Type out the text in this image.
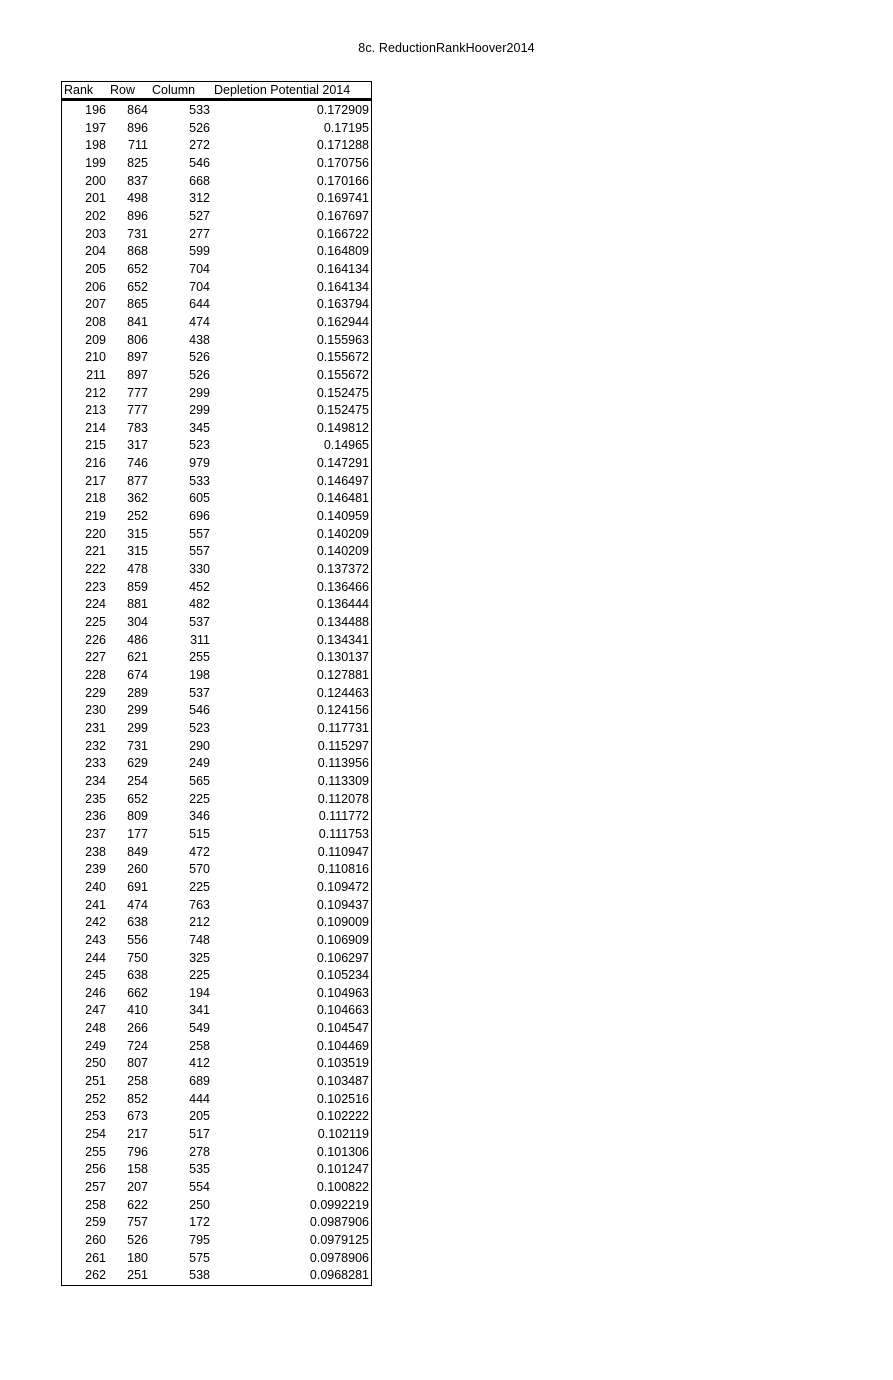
8c. ReductionRankHoover2014
Rank	Row	Column	Depletion Potential 2014
196	864	533	0.172909
197	896	526	0.17195
198	711	272	0.171288
199	825	546	0.170756
200	837	668	0.170166
201	498	312	0.169741
202	896	527	0.167697
203	731	277	0.166722
204	868	599	0.164809
205	652	704	0.164134
206	652	704	0.164134
207	865	644	0.163794
208	841	474	0.162944
209	806	438	0.155963
210	897	526	0.155672
211	897	526	0.155672
212	777	299	0.152475
213	777	299	0.152475
214	783	345	0.149812
215	317	523	0.14965
216	746	979	0.147291
217	877	533	0.146497
218	362	605	0.146481
219	252	696	0.140959
220	315	557	0.140209
221	315	557	0.140209
222	478	330	0.137372
223	859	452	0.136466
224	881	482	0.136444
225	304	537	0.134488
226	486	311	0.134341
227	621	255	0.130137
228	674	198	0.127881
229	289	537	0.124463
230	299	546	0.124156
231	299	523	0.117731
232	731	290	0.115297
233	629	249	0.113956
234	254	565	0.113309
235	652	225	0.112078
236	809	346	0.111772
237	177	515	0.111753
238	849	472	0.110947
239	260	570	0.110816
240	691	225	0.109472
241	474	763	0.109437
242	638	212	0.109009
243	556	748	0.106909
244	750	325	0.106297
245	638	225	0.105234
246	662	194	0.104963
247	410	341	0.104663
248	266	549	0.104547
249	724	258	0.104469
250	807	412	0.103519
251	258	689	0.103487
252	852	444	0.102516
253	673	205	0.102222
254	217	517	0.102119
255	796	278	0.101306
256	158	535	0.101247
257	207	554	0.100822
258	622	250	0.0992219
259	757	172	0.0987906
260	526	795	0.0979125
261	180	575	0.0978906
262	251	538	0.0968281
